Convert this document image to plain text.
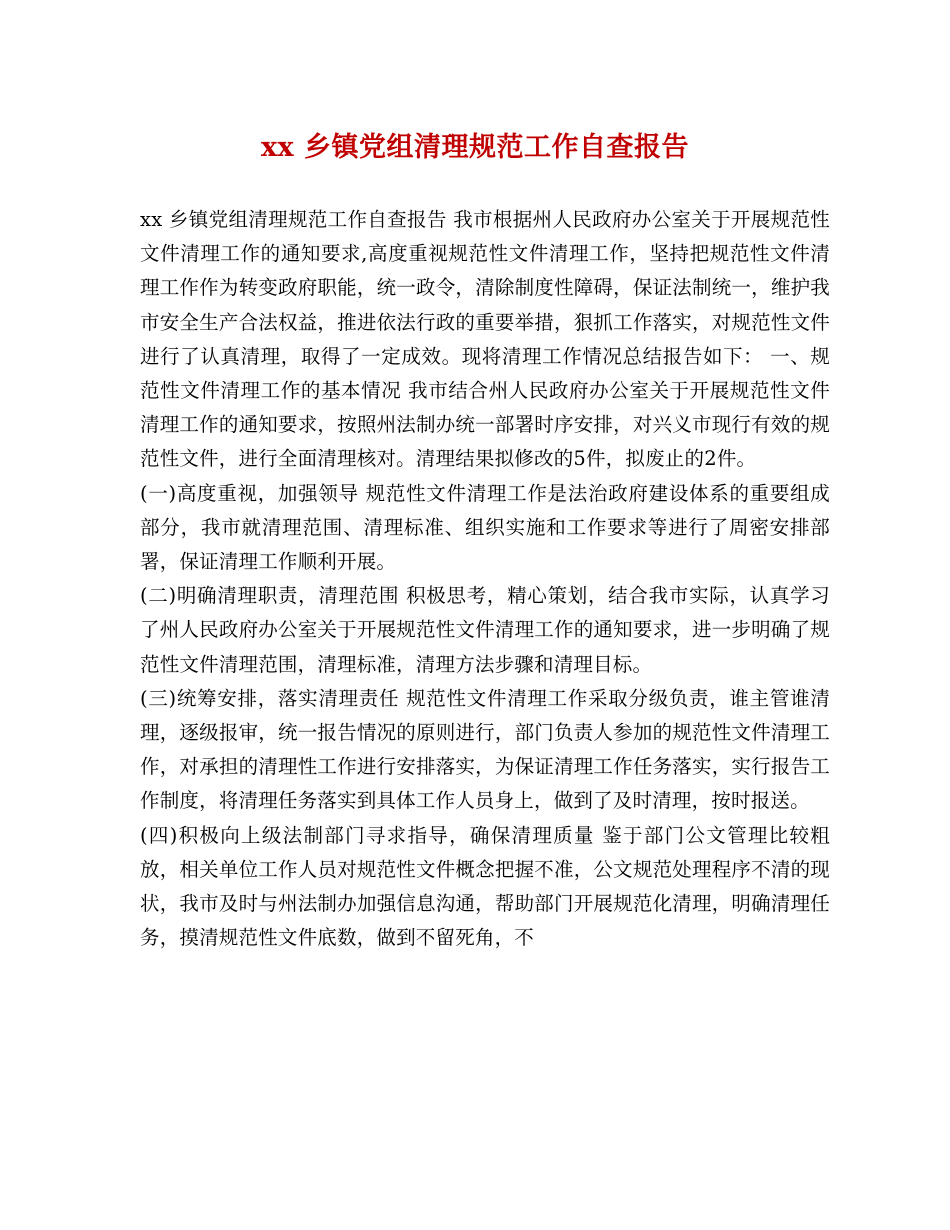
xx 乡镇党组清理规范工作自查报告

xx 乡镇党组清理规范工作自查报告 我市根据州人民政府办公室关于开展规范性文件清理工作的通知要求,高度重视规范性文件清理工作，坚持把规范性文件清理工作作为转变政府职能，统一政令，清除制度性障碍，保证法制统一，维护我市安全生产合法权益，推进依法行政的重要举措，狠抓工作落实，对规范性文件进行了认真清理，取得了一定成效。现将清理工作情况总结报告如下： 一、规范性文件清理工作的基本情况 我市结合州人民政府办公室关于开展规范性文件清理工作的通知要求，按照州法制办统一部署时序安排，对兴义市现行有效的规范性文件，进行全面清理核对。清理结果拟修改的5件，拟废止的2件。

(一)高度重视，加强领导 规范性文件清理工作是法治政府建设体系的重要组成部分，我市就清理范围、清理标准、组织实施和工作要求等进行了周密安排部署，保证清理工作顺利开展。

(二)明确清理职责，清理范围 积极思考，精心策划，结合我市实际，认真学习了州人民政府办公室关于开展规范性文件清理工作的通知要求，进一步明确了规范性文件清理范围，清理标准，清理方法步骤和清理目标。

(三)统筹安排，落实清理责任 规范性文件清理工作采取分级负责，谁主管谁清理，逐级报审，统一报告情况的原则进行，部门负责人参加的规范性文件清理工作，对承担的清理性工作进行安排落实，为保证清理工作任务落实，实行报告工作制度，将清理任务落实到具体工作人员身上，做到了及时清理，按时报送。

(四)积极向上级法制部门寻求指导，确保清理质量 鉴于部门公文管理比较粗放，相关单位工作人员对规范性文件概念把握不准，公文规范处理程序不清的现状，我市及时与州法制办加强信息沟通，帮助部门开展规范化清理，明确清理任务，摸清规范性文件底数，做到不留死角，不
